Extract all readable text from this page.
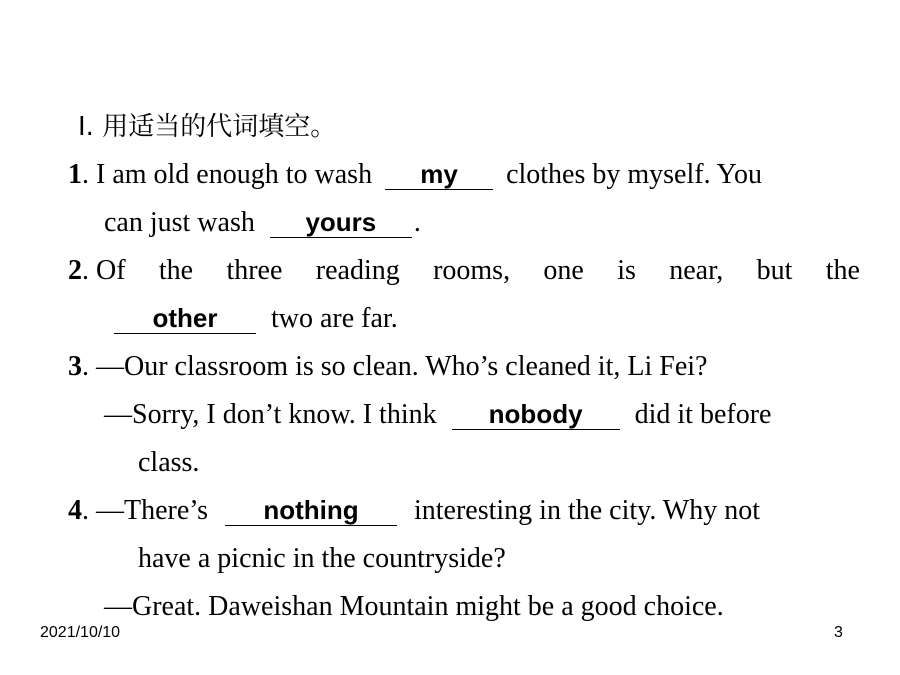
Ⅰ. 用适当的代词填空。
1. I am old enough to wash my clothes by myself. You
can just wash yours .
2. Of the three reading rooms, one is near, but the
other two are far.
3. —Our classroom is so clean. Who’s cleaned it, Li Fei?
—Sorry, I don’t know. I think nobody did it before
class.
4. —There’s nothing interesting in the city. Why not
have a picnic in the countryside?
—Great. Daweishan Mountain might be a good choice.
2021/10/10	3
